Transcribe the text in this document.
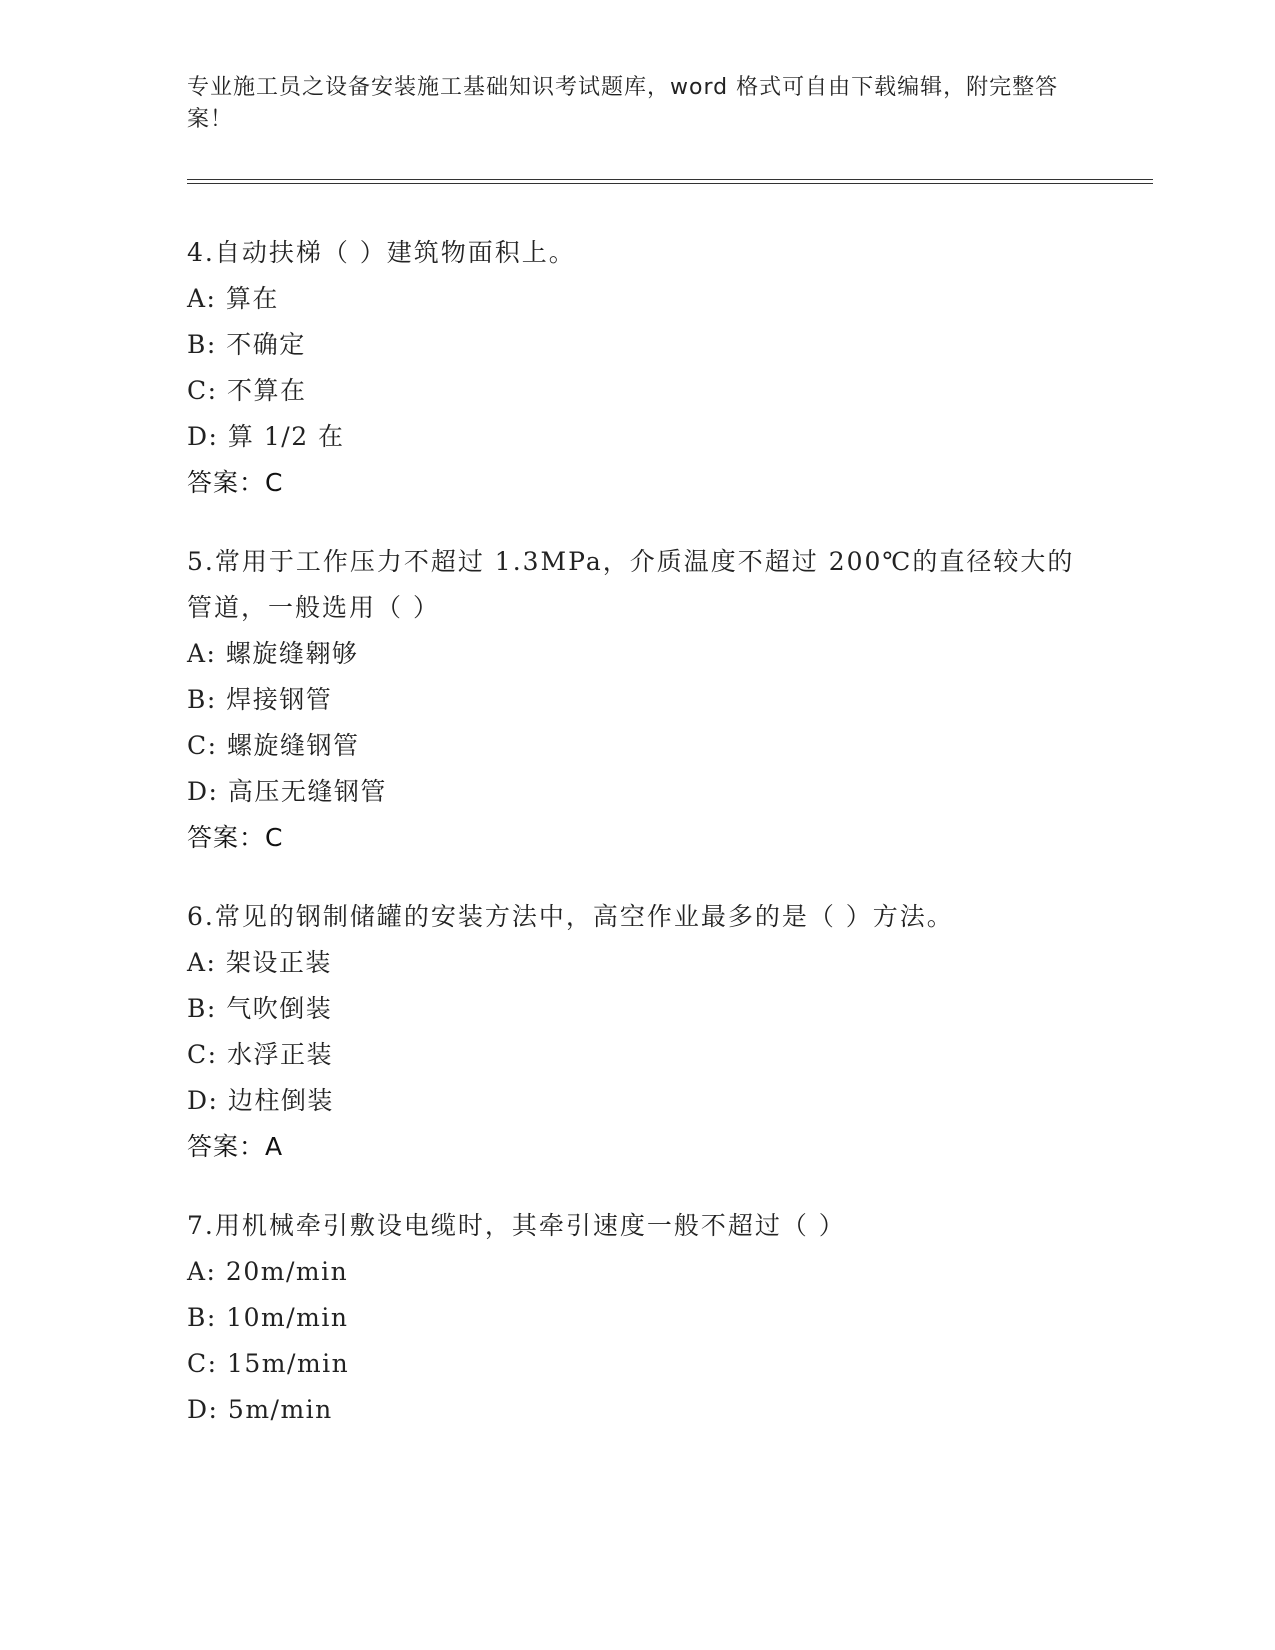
专业施工员之设备安装施工基础知识考试题库，word 格式可自由下载编辑，附完整答案！
4.自动扶梯（ ）建筑物面积上。
A: 算在
B: 不确定
C: 不算在
D: 算 1/2 在
答案：C
5.常用于工作压力不超过 1.3MPa，介质温度不超过 200℃的直径较大的管道，一般选用（ ）
A: 螺旋缝翱够
B: 焊接钢管
C: 螺旋缝钢管
D: 高压无缝钢管
答案：C
6.常见的钢制储罐的安装方法中，高空作业最多的是（ ）方法。
A: 架设正装
B: 气吹倒装
C: 水浮正装
D: 边柱倒装
答案：A
7.用机械牵引敷设电缆时，其牵引速度一般不超过（ ）
A: 20m/min
B: 10m/min
C: 15m/min
D: 5m/min
